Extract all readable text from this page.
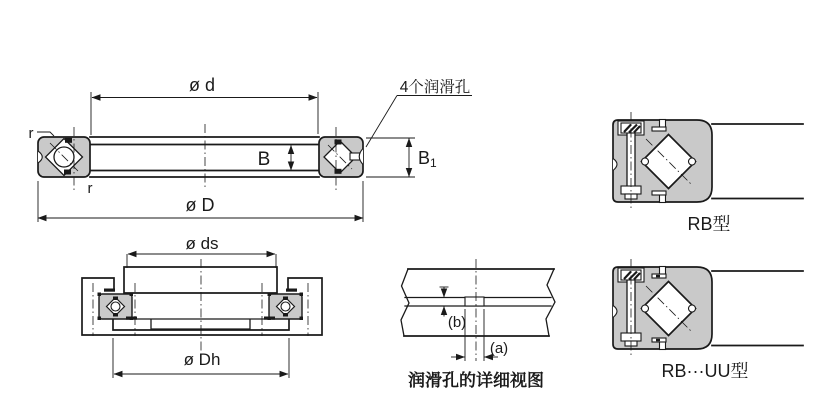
ø d
ø D
B	B1
r
r
4个润滑孔
ø ds
ø Dh
(b)
(a)
润滑孔的详细视图
RB型
RB···UU型
